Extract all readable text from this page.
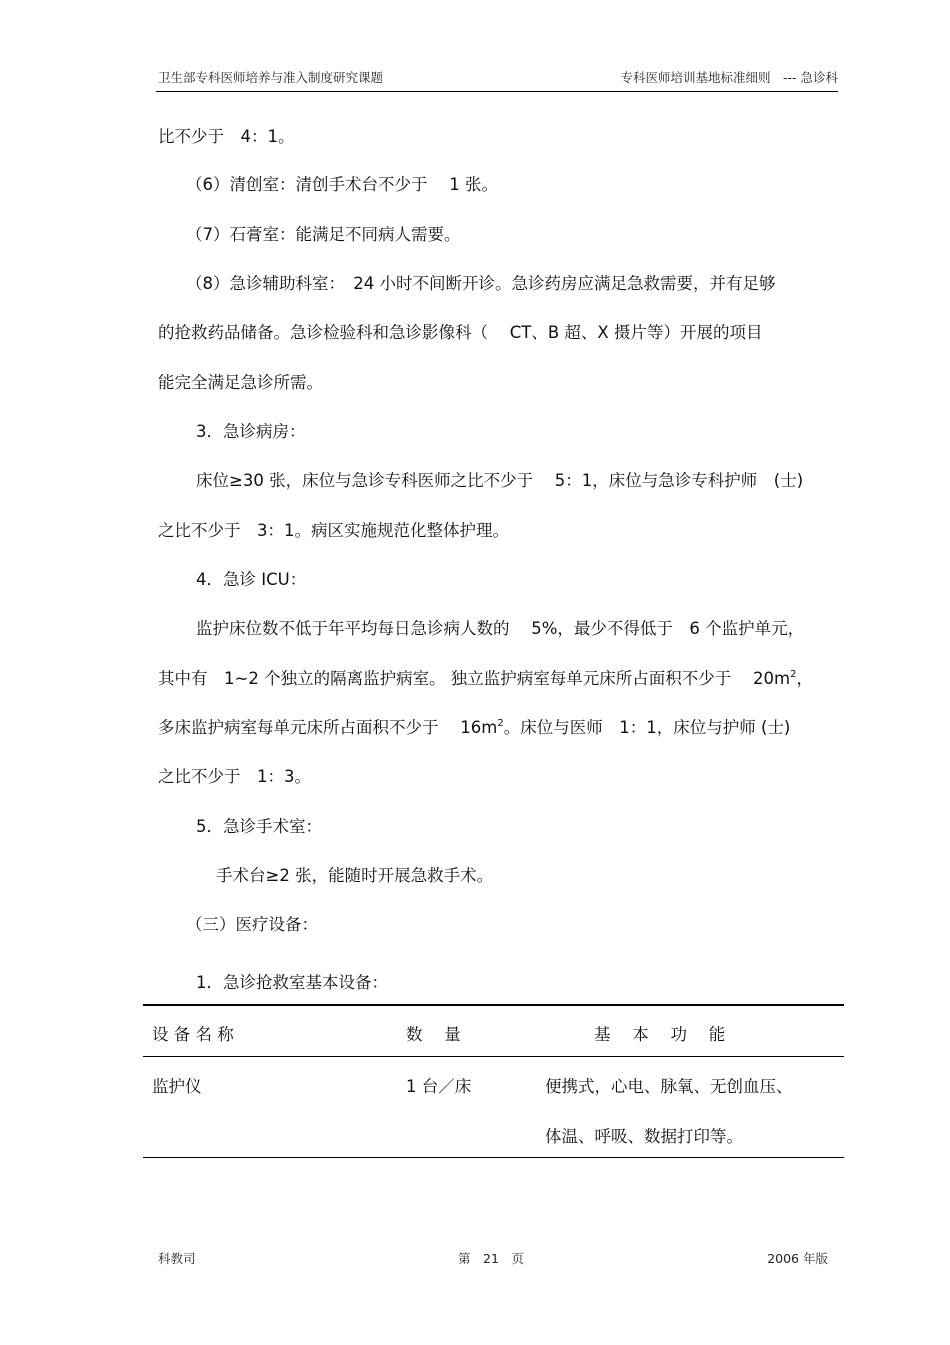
卫生部专科医师培养与准入制度研究课题	专科医师培训基地标准细则　--- 急诊科
比不少于　4：1。
（6）清创室：清创手术台不少于　 1 张。
（7）石膏室：能满足不同病人需要。
（8）急诊辅助科室：　24 小时不间断开诊。急诊药房应满足急救需要，并有足够
的抢救药品储备。急诊检验科和急诊影像科（　 CT、B 超、X 摄片等）开展的项目
能完全满足急诊所需。
3．急诊病房：
床位≥30 张，床位与急诊专科医师之比不少于　 5：1，床位与急诊专科护师　(士)
之比不少于　3：1。病区实施规范化整体护理。
4．急诊 ICU：
监护床位数不低于年平均每日急诊病人数的　 5%，最少不得低于　6 个监护单元，
其中有　1~2 个独立的隔离监护病室。 独立监护病室每单元床所占面积不少于　 $20m^2$，
多床监护病室每单元床所占面积不少于　 $16m^2$。床位与医师　1：1，床位与护师 (士)
之比不少于　1：3。
5．急诊手术室：
手术台≥2 张，能随时开展急救手术。
（三）医疗设备：
1．急诊抢救室基本设备：
设 备 名 称	数　 量	基　 本　 功　 能
监护仪	1 台／床	便携式，心电、脉氧、无创血压、
体温、呼吸、数据打印等。
科教司	第　21　页	2006 年版
